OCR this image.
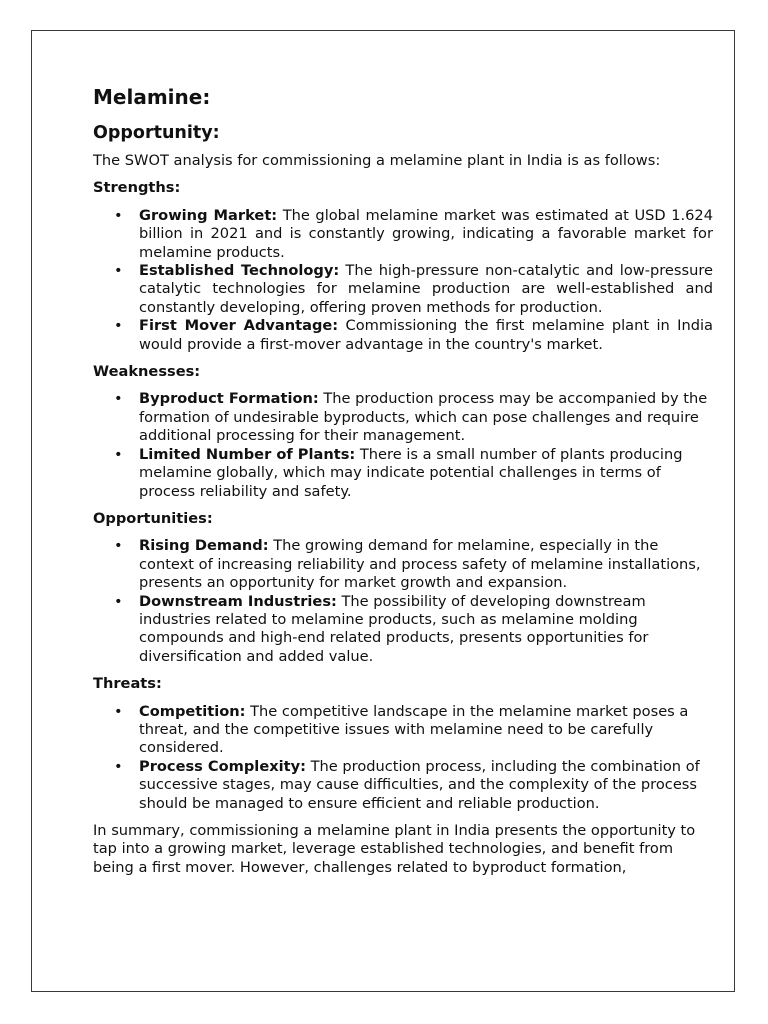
Melamine:
Opportunity:

The SWOT analysis for commissioning a melamine plant in India is as follows:

Strengths:
• Growing Market: The global melamine market was estimated at USD 1.624 billion in 2021 and is constantly growing, indicating a favorable market for melamine products.
• Established Technology: The high-pressure non-catalytic and low-pressure catalytic technologies for melamine production are well-established and constantly developing, offering proven methods for production.
• First Mover Advantage: Commissioning the first melamine plant in India would provide a first-mover advantage in the country's market.
Weaknesses:
• Byproduct Formation: The production process may be accompanied by the formation of undesirable byproducts, which can pose challenges and require additional processing for their management.
• Limited Number of Plants: There is a small number of plants producing melamine globally, which may indicate potential challenges in terms of process reliability and safety.
Opportunities:
• Rising Demand: The growing demand for melamine, especially in the context of increasing reliability and process safety of melamine installations, presents an opportunity for market growth and expansion.
• Downstream Industries: The possibility of developing downstream industries related to melamine products, such as melamine molding compounds and high-end related products, presents opportunities for diversification and added value.
Threats:
• Competition: The competitive landscape in the melamine market poses a threat, and the competitive issues with melamine need to be carefully considered.
• Process Complexity: The production process, including the combination of successive stages, may cause difficulties, and the complexity of the process should be managed to ensure efficient and reliable production.

In summary, commissioning a melamine plant in India presents the opportunity to tap into a growing market, leverage established technologies, and benefit from being a first mover. However, challenges related to byproduct formation,
